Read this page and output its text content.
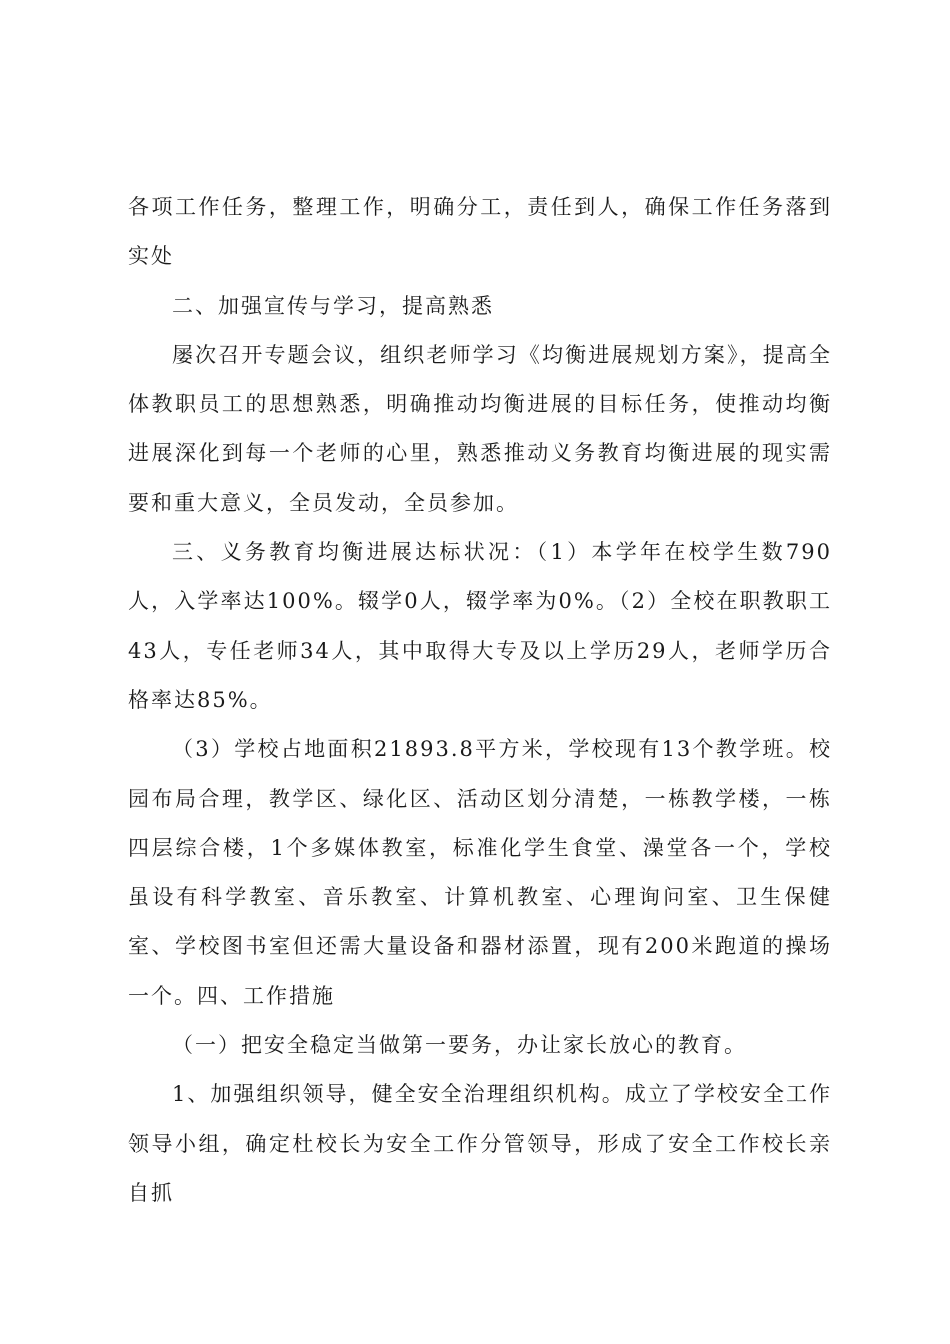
各项工作任务，整理工作，明确分工，责任到人，确保工作任务落到实处

二、加强宣传与学习，提高熟悉

屡次召开专题会议，组织老师学习《均衡进展规划方案》，提高全体教职员工的思想熟悉，明确推动均衡进展的目标任务，使推动均衡进展深化到每一个老师的心里，熟悉推动义务教育均衡进展的现实需要和重大意义，全员发动，全员参加。

三、义务教育均衡进展达标状况：（1）本学年在校学生数790人，入学率达100%。辍学0人，辍学率为0%。（2）全校在职教职工43人，专任老师34人，其中取得大专及以上学历29人，老师学历合格率达85%。

（3）学校占地面积21893.8平方米，学校现有13个教学班。校园布局合理，教学区、绿化区、活动区划分清楚，一栋教学楼，一栋四层综合楼，1个多媒体教室，标准化学生食堂、澡堂各一个，学校虽设有科学教室、音乐教室、计算机教室、心理询问室、卫生保健室、学校图书室但还需大量设备和器材添置，现有200米跑道的操场一个。四、工作措施

（一）把安全稳定当做第一要务，办让家长放心的教育。

1、加强组织领导，健全安全治理组织机构。成立了学校安全工作领导小组，确定杜校长为安全工作分管领导，形成了安全工作校长亲自抓
